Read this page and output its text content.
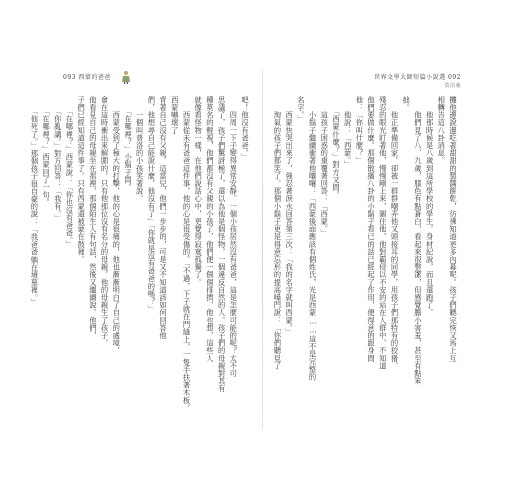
093 西蒙的爸爸

吧！他沒有爸爸。」

　　四周一下子變得異常安靜。一個小孩居然沒有爸爸，這是怎麼可能的呢？太不可

思議了，孩子們驚訝極了，還以為他是個怪物，一個違反自然的人。孩子們的母親對其有

種莫名的輕視，他們都沒有父親的小孩了，他們便一個個排擠，他也想，這些人

就像看怪物一樣，在他們說話心中，更覺得寂寞孤獨了。

　　西蒙從未有爸爸這件事，他的心是很受傷的。「不過，下子就在門縫上，一隻手扶著木板，西蒙嚇壞了

背著自己沒有父親。這當兒，他們一步步的，可是又不知道該如何回答他

們，他想尋自己能說什麼，他沒有了」「你就是沒有爸爸的嗎？」

　　一個叫普洛的小孩笑著說。

　　「在哪裡？」小鬍子問。

　　西蒙受到了極大的打擊，他的心是很痛的，他也漸漸明白了自己的處境，

會在這時衝出來解圍的，只有他那位沒有名分的母親。他的母親生了孩子，

他看見自己的母親坐在那裡，那個陌生人有句話，然後又繼續說。他們，

子們已經知道這件事了。只有西蒙還被蒙在鼓裡。

　　「在哪裡？」西蒙說：「你也沒有爸爸。」

　　「你亂講。」對方回答：「我有。」

　　「在哪裡？」西蒙回了一句。

　　「他死了。」那個孩子很自豪的說：「我爸爸躺在墳墓裡。」

世界文學大師短篇小說選 092
莫泊桑

攤他邊說邊吃著甜甜的製醬餅乾，彷彿知道更多內幕呢。孩子們聽完恢又馬上互

相轉告這八卦消息。

　　他那時候是八歲到這所學校的學生，身材紀說，而且還跑了。

　　他們見了八、九歲，膝色有點蒼白，看起來很整潔，但感覺膽小害羞，甚至有點笨

拙。

　　他正準備回家，卻被一群群嘲弄他又頭接耳的同學，用孩子們那特有的狡猾、

殘忍的眼光盯著他，慢慢剛上來，圍住他，他對霸侵以不安的站在人群中，不知道

他們要做什麼。那個散播八卦的小鬍子看已的話已經起了作用，便得意的跟身問

他：「你叫什麼？」

　　他說：「西蒙。」

　　「西蒙什麼？」對方又問。

　　這孩子困惑的重覆著回答：「西蒙。」

　　小鬍子繼續衝著他嚷嚷：「西蒙後面應該有個姓氏，光是西蒙……這不是完整的

名字。」

　　西蒙快哭出來了，強忍著淚水回答第三次：「我的名字就叫西蒙。」

　　淘氣的孩子們都笑了。那個小鬍子更是得意忘形的提高嗓門說：「你們聽見了
